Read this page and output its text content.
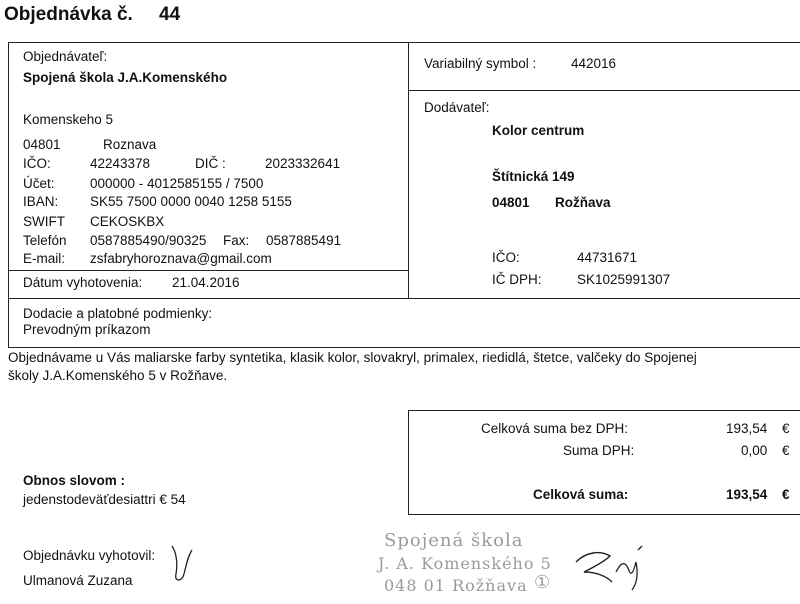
Objednávka č. 44
Objednávateľ:
Spojená škola J.A.Komenského
Komenskeho 5
04801	Roznava
IČO:	42243378	DIČ :	2023332641
Účet:	000000 - 4012585155 / 7500
IBAN: SK55 7500 0000 0040 1258 5155
SWIFT CEKOSKBX
Telefón 0587885490/90325 Fax: 0587885491
E-mail: zsfabryhoroznava@gmail.com
Dátum vyhotovenia: 21.04.2016
Variabilný symbol :	442016
Dodávateľ:
Kolor centrum
Štítnická 149
04801 Rožňava
IČO:	44731671
IČ DPH:	SK1025991307
Dodacie a platobné podmienky:
Prevodným príkazom
Objednávame u Vás maliarske farby syntetika, klasik kolor, slovakryl, primalex, riedidlá, štetce, valčeky do Spojenej
školy J.A.Komenského 5 v Rožňave.
Celková suma bez DPH:	193,54 €
Suma DPH:	0,00 €
Celková suma:	193,54 €
Obnos slovom :
jedenstodeväťdesiattri € 54
Objednávku vyhotovil:
Ulmanová Zuzana
Spojená škola
J. A. Komenského 5
048 01 Rožňava ①
